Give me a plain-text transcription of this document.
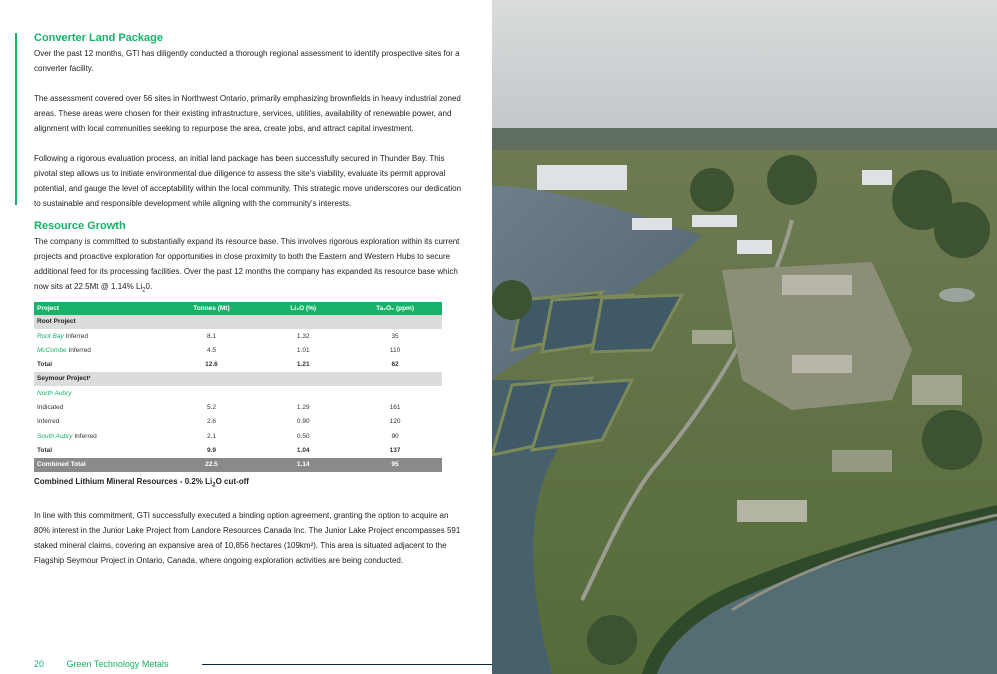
Converter Land Package

Over the past 12 months, GTI has diligently conducted a thorough regional assessment to identify prospective sites for a converter facility.

The assessment covered over 56 sites in Northwest Ontario, primarily emphasizing brownfields in heavy industrial zoned areas. These areas were chosen for their existing infrastructure, services, utilities, availability of renewable power, and alignment with local communities seeking to repurpose the area, create jobs, and attract capital investment.

Following a rigorous evaluation process, an initial land package has been successfully secured in Thunder Bay. This pivotal step allows us to initiate environmental due diligence to assess the site's viability, evaluate its permit approval potential, and gauge the level of acceptability within the local community. This strategic move underscores our dedication to sustainable and responsible development while aligning with the community's interests.

Resource Growth

The company is committed to substantially expand its resource base. This involves rigorous exploration within its current projects and proactive exploration for opportunities in close proximity to both the Eastern and Western Hubs to secure additional feed for its processing facilities. Over the past 12 months the company has expanded its resource base which now sits at 22.5Mt @ 1.14% $Li_20$.

Project	Tonnes (Mt)	Li₂O (%)	Ta₂O₅ (ppm)
Root Project			
Root Bay Inferred	8.1	1.32	35
McCombe Inferred	4.5	1.01	110
Total	12.6	1.21	62
Seymour Project¹			
North Aubry			
Indicated	5.2	1.29	161
Inferred	2.6	0.90	120
South Aubry Inferred	2.1	0.50	90
Total	9.9	1.04	137
Combined Total	22.5	1.14	95
Combined Lithium Mineral Resources - 0.2% $Li_2O$ cut-off

In line with this commitment, GTI successfully executed a binding option agreement, granting the option to acquire an 80% interest in the Junior Lake Project from Landore Resources Canada Inc. The Junior Lake Project encompasses 591 staked mineral claims, covering an expansive area of 10,856 hectares (109km²). This area is situated adjacent to the Flagship Seymour Project in Ontario, Canada, where ongoing exploration activities are being conducted.

20	Green Technology Metals
